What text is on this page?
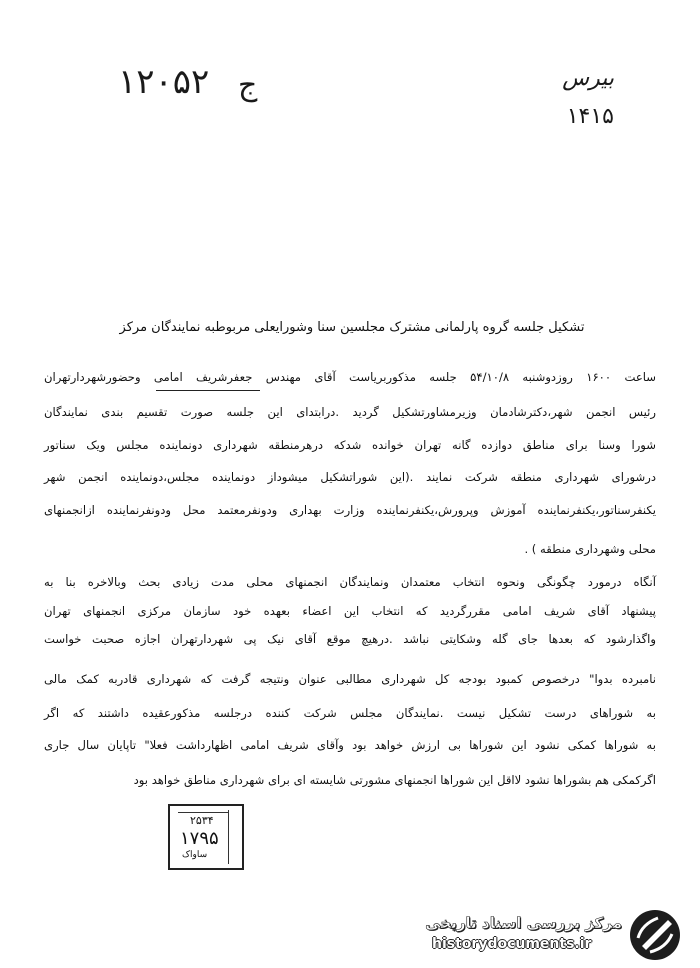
۱۲۰۵۲ ج	بیرس
۱۴۱۵
تشکیل جلسه گروه پارلمانی مشترک مجلسین سنا وشورایعلی مربوطبه نمایندگان مرکز
ساعت ۱۶۰۰ روزدوشنبه ۵۴/۱۰/۸ جلسه مذکوربریاست آقای مهندس جعفرشریف امامی وحضورشهردارتهران
رئیس انجمن شهر،دکترشادمان وزیرمشاورتشکیل گردید .درابتدای این جلسه صورت تقسیم بندی نمایندگان
شورا وسنا برای مناطق دوازده گانه تهران خوانده شدکه درهرمنطقه شهرداری دونماینده مجلس ویک سناتور
درشورای شهرداری منطقه شرکت نمایند .(این شوراتشکیل میشوداز دونماینده مجلس،دونماینده انجمن شهر
یکنفرسناتور،یکنفرنماینده آموزش وپرورش،یکنفرنماینده وزارت بهداری ودونفرمعتمد محل ودونفرنماینده ازانجمنهای
محلی وشهرداری منطقه ) .
آنگاه درمورد چگونگی ونحوه انتخاب معتمدان ونمایندگان انجمنهای محلی مدت زیادی بحث وبالاخره بنا به
پیشنهاد آقای شریف امامی مقررگردید که انتخاب این اعضاء بعهده خود سازمان مرکزی انجمنهای تهران
واگذارشود که بعدها جای گله وشکایتی نباشد .درهیچ موقع آقای نیک پی شهردارتهران اجازه صحبت خواست
نامبرده بدوا" درخصوص کمبود بودجه کل شهرداری مطالبی عنوان ونتیجه گرفت که شهرداری قادربه کمک مالی
به شوراهای درست تشکیل نیست .نمایندگان مجلس شرکت کننده درجلسه مذکورعقیده داشتند که اگر
به شوراها کمکی نشود این شوراها بی ارزش خواهد بود وآقای شریف امامی اظهارداشت فعلا" تاپایان سال جاری
اگرکمکی هم بشوراها نشود لااقل این شوراها انجمنهای مشورتی شایسته ای برای شهرداری مناطق خواهد بود
۲۵۳۴
۱۷۹۵
ساواک
مرکز بررسی اسناد تاریخی
historydocuments.ir
